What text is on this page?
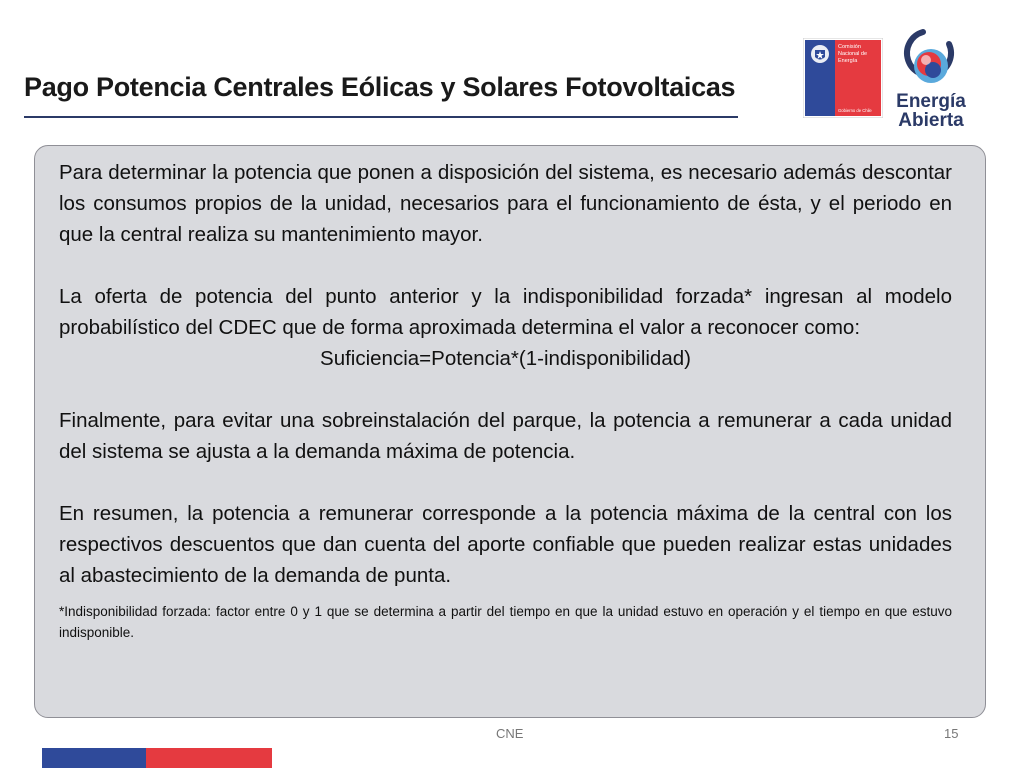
Pago Potencia Centrales Eólicas y Solares Fotovoltaicas
Comisión
Nacional de
Energía
Gobierno de Chile Energía
Abierta

Para determinar la potencia que ponen a disposición del sistema, es necesario además descontar los consumos propios de la unidad, necesarios para el funcionamiento de ésta, y el periodo en que la central realiza su mantenimiento mayor.

La oferta de potencia del punto anterior y la indisponibilidad forzada* ingresan al modelo probabilístico del CDEC que de forma aproximada determina el valor a reconocer como:

Suficiencia=Potencia*(1-indisponibilidad)

Finalmente, para evitar una sobreinstalación del parque, la potencia a remunerar a cada unidad del sistema se ajusta a la demanda máxima de potencia.

En resumen, la potencia a remunerar corresponde a la potencia máxima de la central con los respectivos descuentos que dan cuenta del aporte confiable que pueden realizar estas unidades al abastecimiento de la demanda de punta.

*Indisponibilidad forzada: factor entre 0 y 1 que se determina a partir del tiempo en que la unidad estuvo en operación y el tiempo en que estuvo indisponible.

CNE	15
